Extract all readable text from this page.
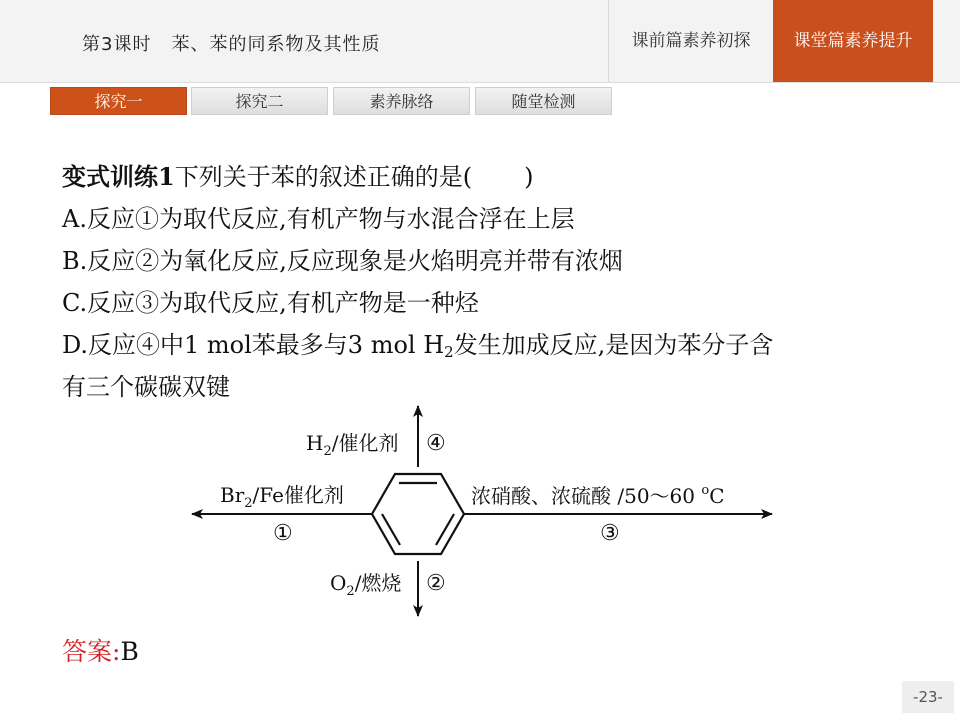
第3课时 苯、苯的同系物及其性质	课前篇素养初探	课堂篇素养提升
探究一	探究二	素养脉络	随堂检测
变式训练1下列关于苯的叙述正确的是( )
A.反应①为取代反应,有机产物与水混合浮在上层
B.反应②为氧化反应,反应现象是火焰明亮并带有浓烟
C.反应③为取代反应,有机产物是一种烃
D.反应④中1 mol苯最多与3 mol $H_2$发生加成反应,是因为苯分子含
有三个碳碳双键
$H_2/$催化剂 ④
$Br_2/Fe$催化剂
①
浓硝酸、浓硫酸 /50～60 $^o$C
③
$O_2/$燃烧 ②
答案:B
-23-
